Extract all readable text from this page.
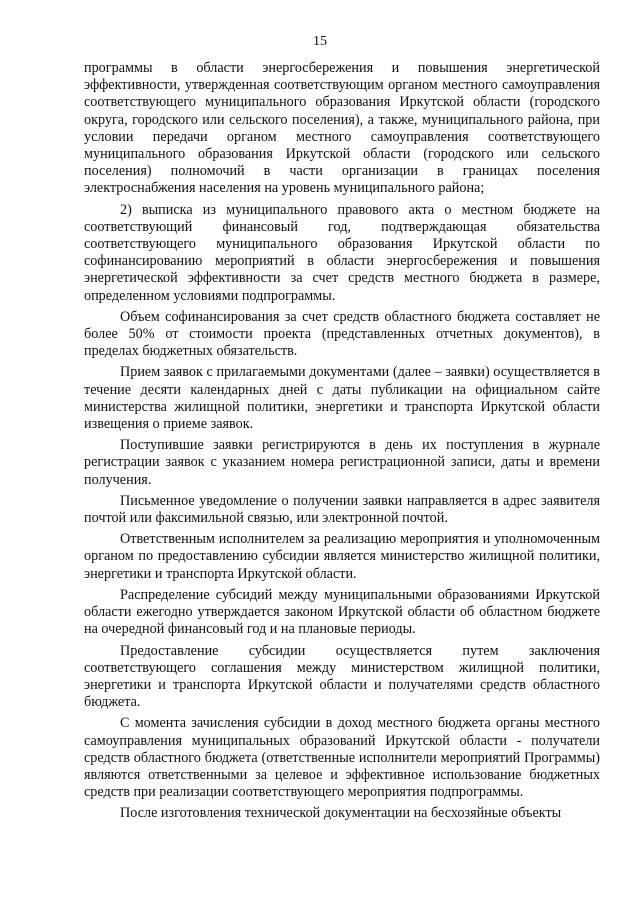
15

программы в области энергосбережения и повышения энергетической эффективности, утвержденная соответствующим органом местного самоуправления соответствующего муниципального образования Иркутской области (городского округа, городского или сельского поселения), а также, муниципального района, при условии передачи органом местного самоуправления соответствующего муниципального образования Иркутской области (городского или сельского поселения) полномочий в части организации в границах поселения электроснабжения населения на уровень муниципального района;

2) выписка из муниципального правового акта о местном бюджете на соответствующий финансовый год, подтверждающая обязательства соответствующего муниципального образования Иркутской области по софинансированию мероприятий в области энергосбережения и повышения энергетической эффективности за счет средств местного бюджета в размере, определенном условиями подпрограммы.

Объем софинансирования за счет средств областного бюджета составляет не более 50% от стоимости проекта (представленных отчетных документов), в пределах бюджетных обязательств.

Прием заявок с прилагаемыми документами (далее – заявки) осуществляется в течение десяти календарных дней с даты публикации на официальном сайте министерства жилищной политики, энергетики и транспорта Иркутской области извещения о приеме заявок.

Поступившие заявки регистрируются в день их поступления в журнале регистрации заявок с указанием номера регистрационной записи, даты и времени получения.

Письменное уведомление о получении заявки направляется в адрес заявителя почтой или факсимильной связью, или электронной почтой.

Ответственным исполнителем за реализацию мероприятия и уполномоченным органом по предоставлению субсидии является министерство жилищной политики, энергетики и транспорта Иркутской области.

Распределение субсидий между муниципальными образованиями Иркутской области ежегодно утверждается законом Иркутской области об областном бюджете на очередной финансовый год и на плановые периоды.

Предоставление субсидии осуществляется путем заключения соответствующего соглашения между министерством жилищной политики, энергетики и транспорта Иркутской области и получателями средств областного бюджета.

С момента зачисления субсидии в доход местного бюджета органы местного самоуправления муниципальных образований Иркутской области - получатели средств областного бюджета (ответственные исполнители мероприятий Программы) являются ответственными за целевое и эффективное использование бюджетных средств при реализации соответствующего мероприятия подпрограммы.

После изготовления технической документации на бесхозяйные объекты
